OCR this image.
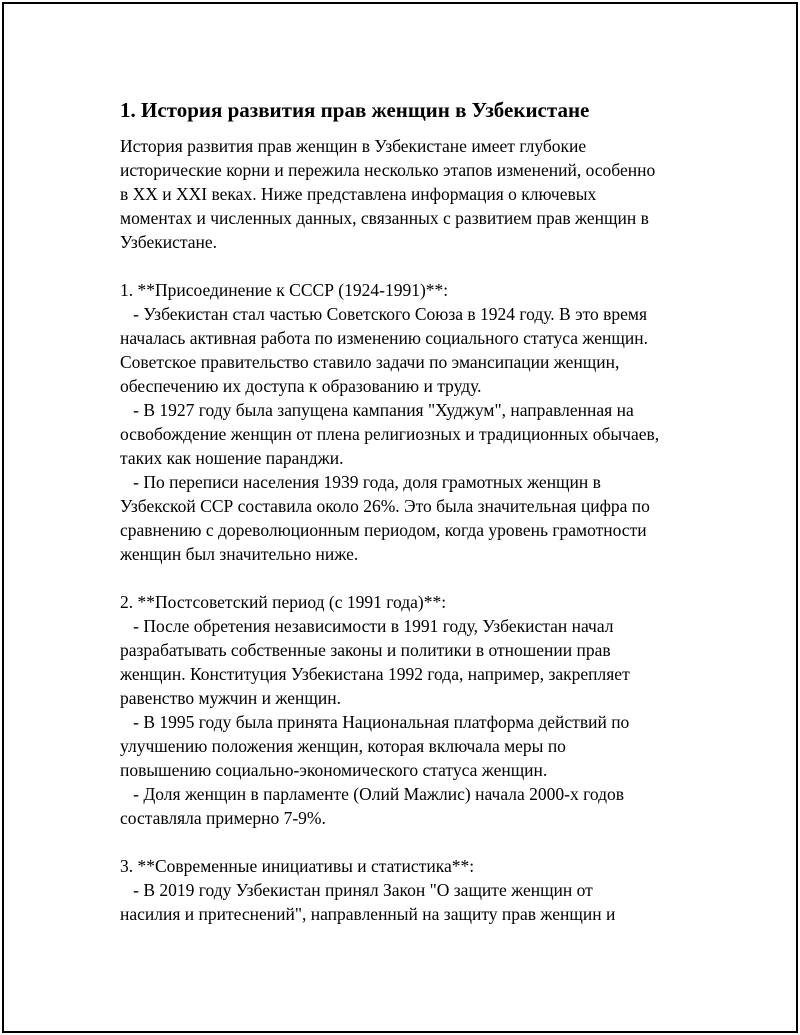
1. История развития прав женщин в Узбекистане

История развития прав женщин в Узбекистане имеет глубокие
исторические корни и пережила несколько этапов изменений, особенно
в XX и XXI веках. Ниже представлена информация о ключевых
моментах и численных данных, связанных с развитием прав женщин в
Узбекистане.

1. **Присоединение к СССР (1924-1991)**:
- Узбекистан стал частью Советского Союза в 1924 году. В это время
началась активная работа по изменению социального статуса женщин.
Советское правительство ставило задачи по эмансипации женщин,
обеспечению их доступа к образованию и труду.
- В 1927 году была запущена кампания "Худжум", направленная на
освобождение женщин от плена религиозных и традиционных обычаев,
таких как ношение паранджи.
- По переписи населения 1939 года, доля грамотных женщин в
Узбекской ССР составила около 26%. Это была значительная цифра по
сравнению с дореволюционным периодом, когда уровень грамотности
женщин был значительно ниже.

2. **Постсоветский период (с 1991 года)**:
- После обретения независимости в 1991 году, Узбекистан начал
разрабатывать собственные законы и политики в отношении прав
женщин. Конституция Узбекистана 1992 года, например, закрепляет
равенство мужчин и женщин.
- В 1995 году была принята Национальная платформа действий по
улучшению положения женщин, которая включала меры по
повышению социально-экономического статуса женщин.
- Доля женщин в парламенте (Олий Мажлис) начала 2000-х годов
составляла примерно 7-9%.

3. **Современные инициативы и статистика**:
- В 2019 году Узбекистан принял Закон "О защите женщин от
насилия и притеснений", направленный на защиту прав женщин и
